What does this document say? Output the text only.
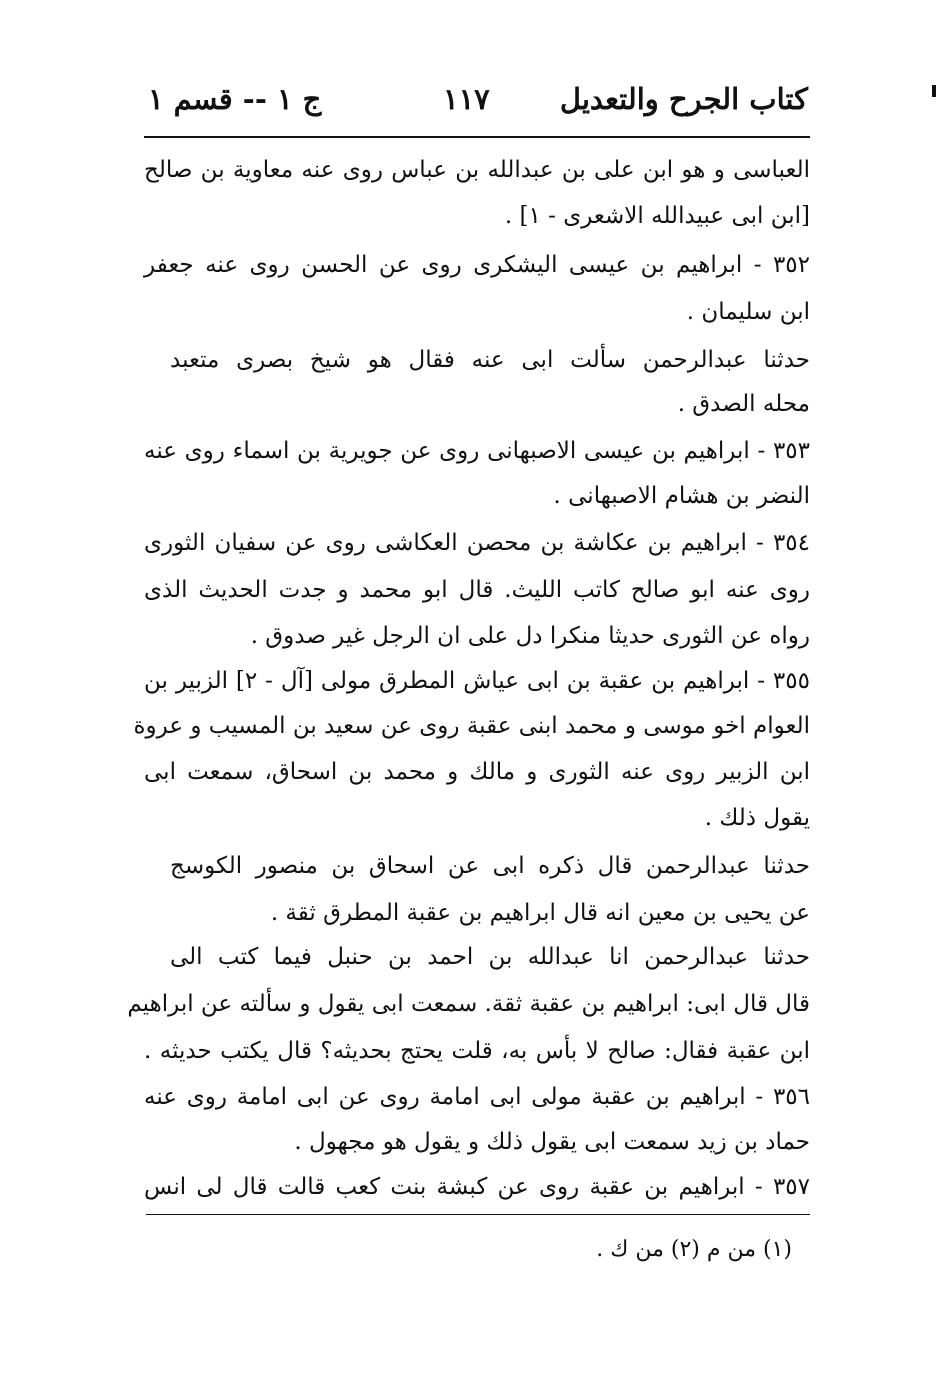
كتاب الجرح والتعديل
١١٧
ج ١ -- قسم ١
العباسى و هو ابن على بن عبدالله بن عباس روى عنه معاوية بن صالح
[ابن ابى عبيدالله الاشعرى - ١] .
٣٥٢ - ابراهيم بن عيسى اليشكرى روى عن الحسن روى عنه جعفر
ابن سليمان .
حدثنا عبدالرحمن سألت ابى عنه فقال هو شيخ بصرى متعبد
محله الصدق .
٣٥٣ - ابراهيم بن عيسى الاصبهانى روى عن جويرية بن اسماء روى عنه
النضر بن هشام الاصبهانى .
٣٥٤ - ابراهيم بن عكاشة بن محصن العكاشى روى عن سفيان الثورى
روى عنه ابو صالح كاتب الليث. قال ابو محمد و جدت الحديث الذى
رواه عن الثورى حديثا منكرا دل على ان الرجل غير صدوق .
٣٥٥ - ابراهيم بن عقبة بن ابى عياش المطرق مولى [آل - ٢] الزبير بن
العوام اخو موسى و محمد ابنى عقبة روى عن سعيد بن المسيب و عروة
ابن الزبير روى عنه الثورى و مالك و محمد بن اسحاق، سمعت ابى
يقول ذلك .
حدثنا عبدالرحمن قال ذكره ابى عن اسحاق بن منصور الكوسج
عن يحيى بن معين انه قال ابراهيم بن عقبة المطرق ثقة .
حدثنا عبدالرحمن انا عبدالله بن احمد بن حنبل فيما كتب الى
قال قال ابى: ابراهيم بن عقبة ثقة. سمعت ابى يقول و سألته عن ابراهيم
ابن عقبة فقال: صالح لا بأس به، قلت يحتج بحديثه؟ قال يكتب حديثه .
٣٥٦ - ابراهيم بن عقبة مولى ابى امامة روى عن ابى امامة روى عنه
حماد بن زيد سمعت ابى يقول ذلك و يقول هو مجهول .
٣٥٧ - ابراهيم بن عقبة روى عن كبشة بنت كعب قالت قال لى انس
(١) من م (٢) من ك .
